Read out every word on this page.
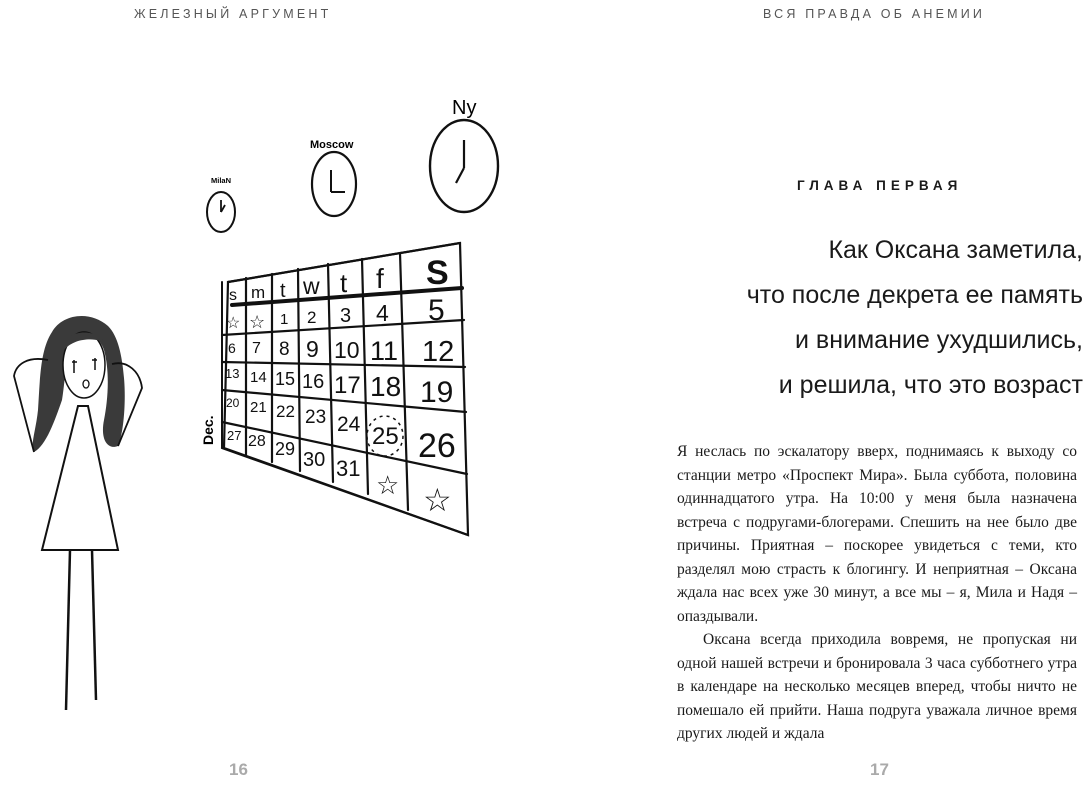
ЖЕЛЕЗНЫЙ АРГУМЕНТ
MilaN
Moscow
Ny
Dec.
s m t w t f S
☆ ☆ 1 2 3 4 5
6 7 8 9 10 11 12
13 14 15 16 17 18 19
20 21 22 23 24 25 26
27 28 29 30 31
☆ ☆
16
ВСЯ ПРАВДА ОБ АНЕМИИ
ГЛАВА ПЕРВАЯ
Как Оксана заметила,
что после декрета ее память
и внимание ухудшились,
и решила, что это возраст

Я неслась по эскалатору вверх, поднимаясь к выходу со станции метро «Проспект Мира». Была суббота, половина одиннадцатого утра. На 10:00 у меня была назначена встреча с подругами-блогерами. Спешить на нее было две причины. Приятная – поскорее увидеться с теми, кто разделял мою страсть к блогингу. И неприятная – Оксана ждала нас всех уже 30 минут, а все мы – я, Мила и Надя – опаздывали.

Оксана всегда приходила вовремя, не пропуская ни одной нашей встречи и бронировала 3 часа субботнего утра в календаре на несколько месяцев вперед, чтобы ничто не помешало ей прийти. Наша подруга уважала личное время других людей и ждала

17
